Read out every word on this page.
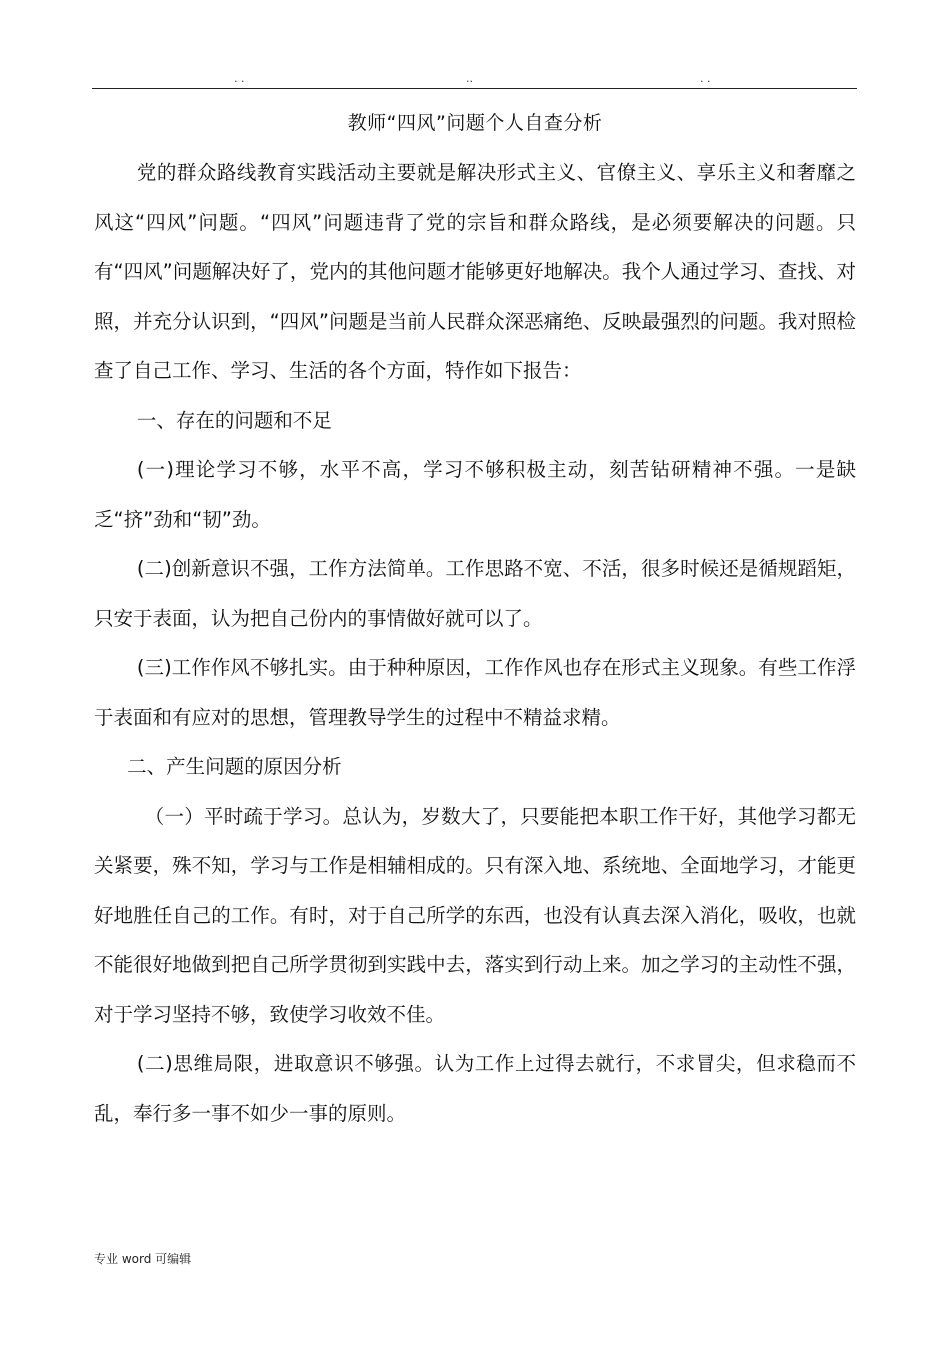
. .	..	. .
教师“四风”问题个人自查分析

党的群众路线教育实践活动主要就是解决形式主义、官僚主义、享乐主义和奢靡之风这“四风”问题。“四风”问题违背了党的宗旨和群众路线，是必须要解决的问题。只有“四风”问题解决好了，党内的其他问题才能够更好地解决。我个人通过学习、查找、对照，并充分认识到，“四风”问题是当前人民群众深恶痛绝、反映最强烈的问题。我对照检查了自己工作、学习、生活的各个方面，特作如下报告：

一、存在的问题和不足

(一)理论学习不够，水平不高，学习不够积极主动，刻苦钻研精神不强。一是缺乏“挤”劲和“韧”劲。

(二)创新意识不强，工作方法简单。工作思路不宽、不活，很多时候还是循规蹈矩，只安于表面，认为把自己份内的事情做好就可以了。

(三)工作作风不够扎实。由于种种原因，工作作风也存在形式主义现象。有些工作浮于表面和有应对的思想，管理教导学生的过程中不精益求精。

二、产生问题的原因分析

（一）平时疏于学习。总认为，岁数大了，只要能把本职工作干好，其他学习都无关紧要，殊不知，学习与工作是相辅相成的。只有深入地、系统地、全面地学习，才能更好地胜任自己的工作。有时，对于自己所学的东西，也没有认真去深入消化，吸收，也就不能很好地做到把自己所学贯彻到实践中去，落实到行动上来。加之学习的主动性不强，对于学习坚持不够，致使学习收效不佳。

(二)思维局限，进取意识不够强。认为工作上过得去就行，不求冒尖，但求稳而不乱，奉行多一事不如少一事的原则。

专业 word 可编辑
